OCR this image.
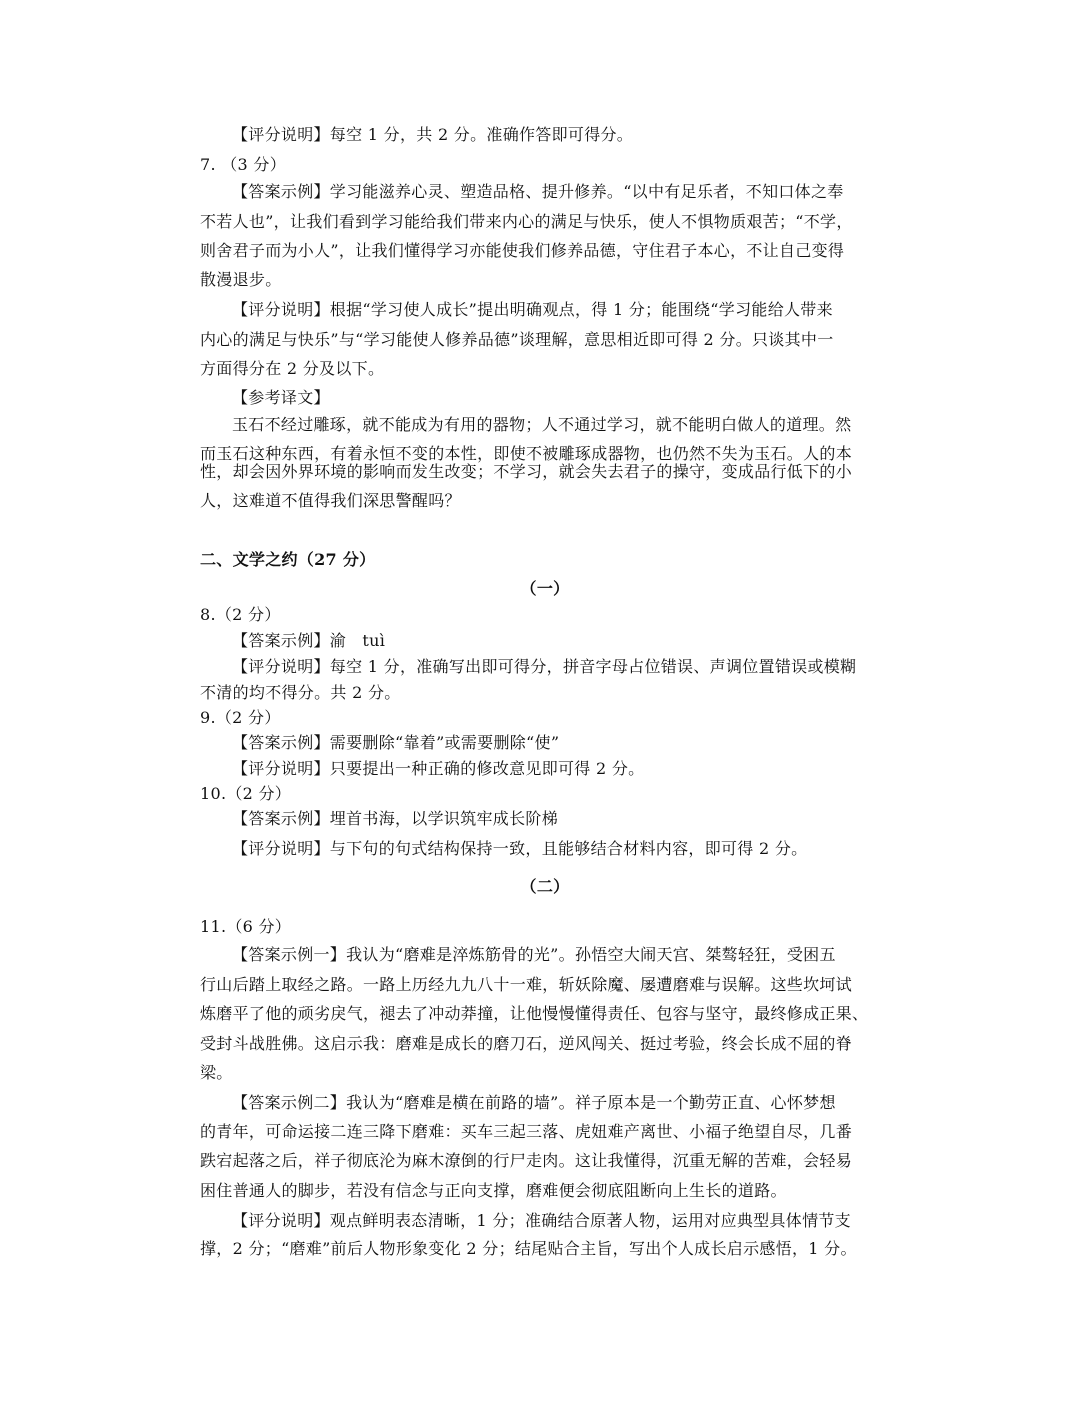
【评分说明】每空 1 分，共 2 分。准确作答即可得分。
7. （3 分）
【答案示例】学习能滋养心灵、塑造品格、提升修养。“以中有足乐者，不知口体之奉
不若人也”，让我们看到学习能给我们带来内心的满足与快乐，使人不惧物质艰苦；“不学，
则舍君子而为小人”，让我们懂得学习亦能使我们修养品德，守住君子本心，不让自己变得
散漫退步。
【评分说明】根据“学习使人成长”提出明确观点，得 1 分；能围绕“学习能给人带来
内心的满足与快乐”与“学习能使人修养品德”谈理解，意思相近即可得 2 分。只谈其中一
方面得分在 2 分及以下。
【参考译文】
玉石不经过雕琢，就不能成为有用的器物；人不通过学习，就不能明白做人的道理。然
而玉石这种东西，有着永恒不变的本性，即使不被雕琢成器物，也仍然不失为玉石。人的本
性，却会因外界环境的影响而发生改变；不学习，就会失去君子的操守，变成品行低下的小
人，这难道不值得我们深思警醒吗？
二、文学之约（27 分）
（一）
8.（2 分）
【答案示例】渝　tuì
【评分说明】每空 1 分，准确写出即可得分，拼音字母占位错误、声调位置错误或模糊
不清的均不得分。共 2 分。
9.（2 分）
【答案示例】需要删除“靠着”或需要删除“使”
【评分说明】只要提出一种正确的修改意见即可得 2 分。
10.（2 分）
【答案示例】埋首书海，以学识筑牢成长阶梯
【评分说明】与下句的句式结构保持一致，且能够结合材料内容，即可得 2 分。
（二）
11.（6 分）
【答案示例一】我认为“磨难是淬炼筋骨的光”。孙悟空大闹天宫、桀骜轻狂，受困五
行山后踏上取经之路。一路上历经九九八十一难，斩妖除魔、屡遭磨难与误解。这些坎坷试
炼磨平了他的顽劣戾气，褪去了冲动莽撞，让他慢慢懂得责任、包容与坚守，最终修成正果、
受封斗战胜佛。这启示我：磨难是成长的磨刀石，逆风闯关、挺过考验，终会长成不屈的脊
梁。
【答案示例二】我认为“磨难是横在前路的墙”。祥子原本是一个勤劳正直、心怀梦想
的青年，可命运接二连三降下磨难：买车三起三落、虎妞难产离世、小福子绝望自尽，几番
跌宕起落之后，祥子彻底沦为麻木潦倒的行尸走肉。这让我懂得，沉重无解的苦难，会轻易
困住普通人的脚步，若没有信念与正向支撑，磨难便会彻底阻断向上生长的道路。
【评分说明】观点鲜明表态清晰，1 分；准确结合原著人物，运用对应典型具体情节支
撑，2 分；“磨难”前后人物形象变化 2 分；结尾贴合主旨，写出个人成长启示感悟，1 分。
